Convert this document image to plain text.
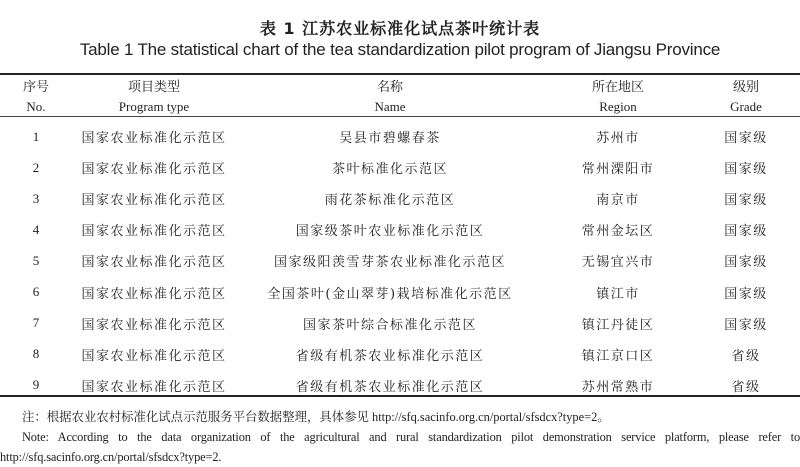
表 1 江苏农业标准化试点茶叶统计表
Table 1 The statistical chart of the tea standardization pilot program of Jiangsu Province
序号	项目类型	名称	所在地区	级别
No.	Program type	Name	Region	Grade

1	国家农业标准化示范区	吴县市碧螺春茶	苏州市	国家级
2	国家农业标准化示范区	茶叶标准化示范区	常州溧阳市	国家级
3	国家农业标准化示范区	雨花茶标准化示范区	南京市	国家级
4	国家农业标准化示范区	国家级茶叶农业标准化示范区	常州金坛区	国家级
5	国家农业标准化示范区	国家级阳羡雪芽茶农业标准化示范区	无锡宜兴市	国家级
6	国家农业标准化示范区	全国茶叶(金山翠芽)栽培标准化示范区	镇江市	国家级
7	国家农业标准化示范区	国家茶叶综合标准化示范区	镇江丹徒区	国家级
8	国家农业标准化示范区	省级有机茶农业标准化示范区	镇江京口区	省级
9	国家农业标准化示范区	省级有机茶农业标准化示范区	苏州常熟市	省级

注：根据农业农村标准化试点示范服务平台数据整理，具体参见 http://sfq.sacinfo.org.cn/portal/sfsdcx?type=2。

Note: According to the data organization of the agricultural and rural standardization pilot demonstration service platform, please refer to http://sfq.sacinfo.org.cn/portal/sfsdcx?type=2.
